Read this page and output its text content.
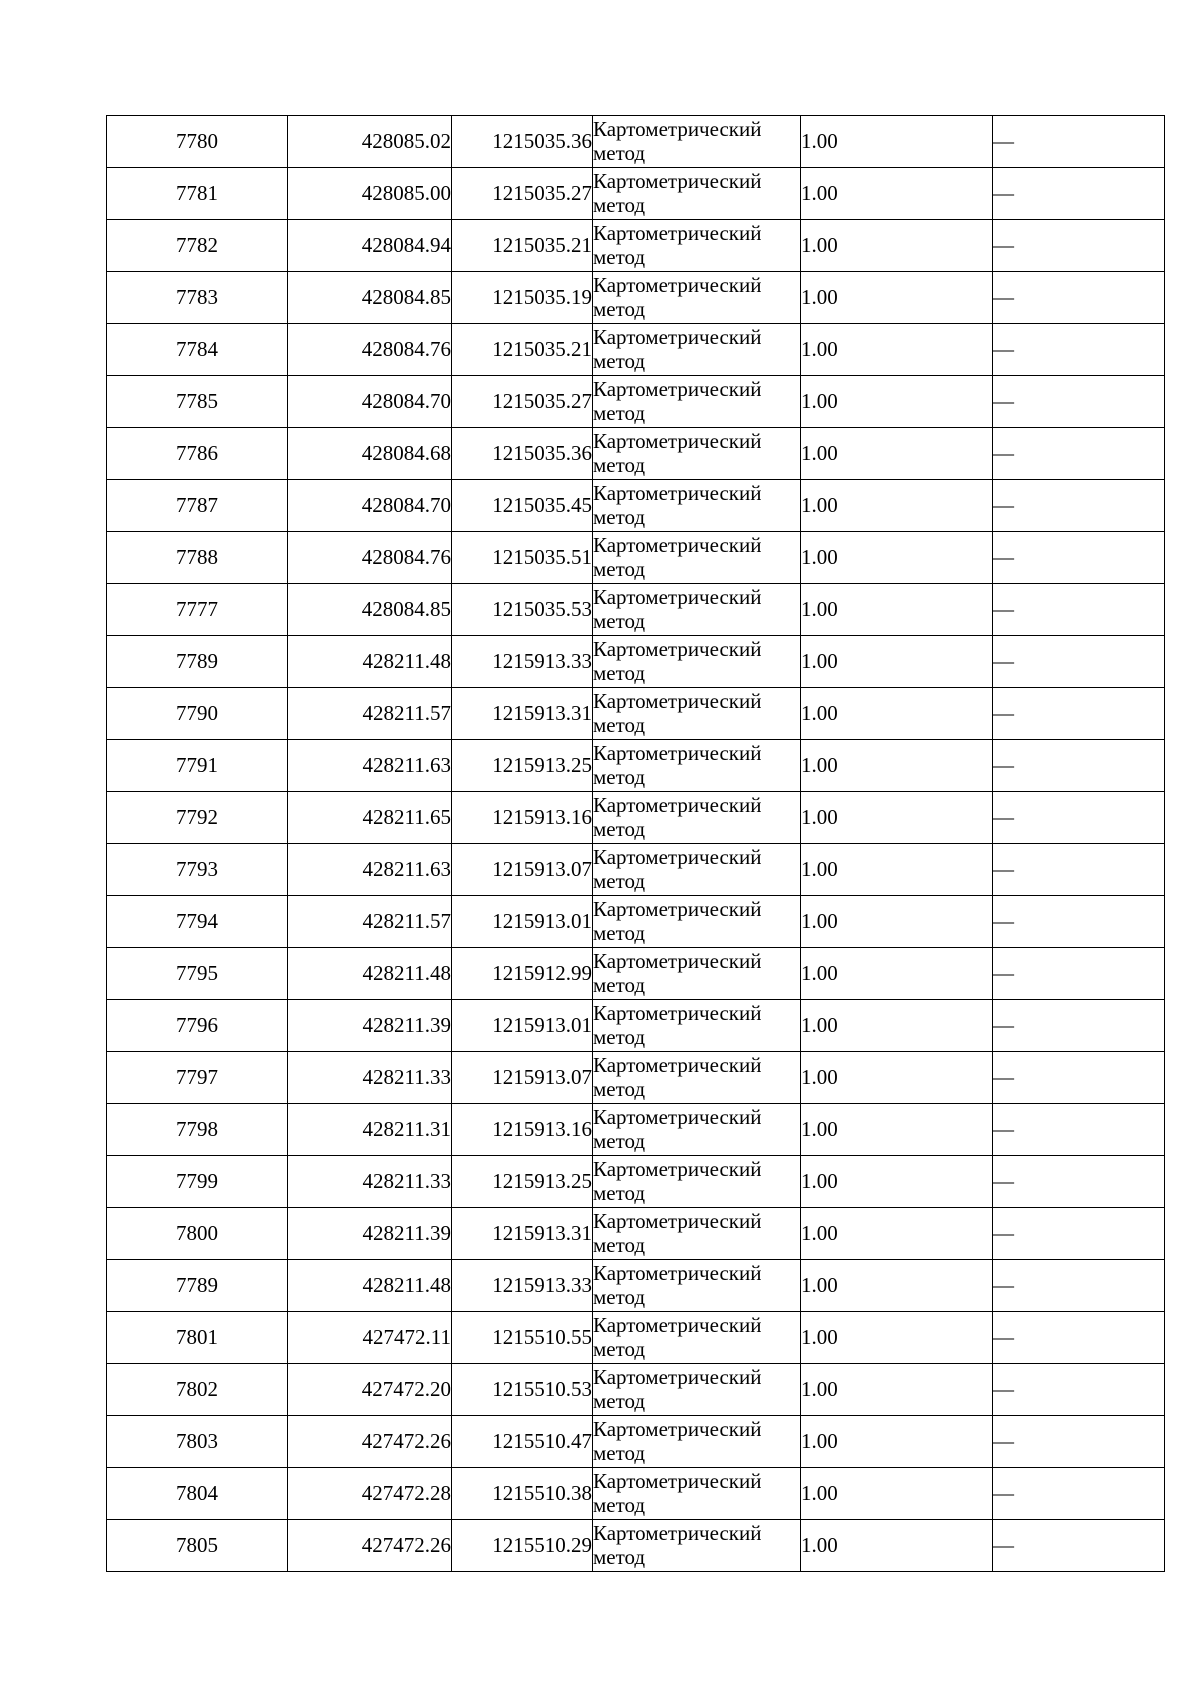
7780	428085.02	1215035.36	Картометрический
метод	1.00	—
7781	428085.00	1215035.27	Картометрический
метод	1.00	—
7782	428084.94	1215035.21	Картометрический
метод	1.00	—
7783	428084.85	1215035.19	Картометрический
метод	1.00	—
7784	428084.76	1215035.21	Картометрический
метод	1.00	—
7785	428084.70	1215035.27	Картометрический
метод	1.00	—
7786	428084.68	1215035.36	Картометрический
метод	1.00	—
7787	428084.70	1215035.45	Картометрический
метод	1.00	—
7788	428084.76	1215035.51	Картометрический
метод	1.00	—
7777	428084.85	1215035.53	Картометрический
метод	1.00	—
7789	428211.48	1215913.33	Картометрический
метод	1.00	—
7790	428211.57	1215913.31	Картометрический
метод	1.00	—
7791	428211.63	1215913.25	Картометрический
метод	1.00	—
7792	428211.65	1215913.16	Картометрический
метод	1.00	—
7793	428211.63	1215913.07	Картометрический
метод	1.00	—
7794	428211.57	1215913.01	Картометрический
метод	1.00	—
7795	428211.48	1215912.99	Картометрический
метод	1.00	—
7796	428211.39	1215913.01	Картометрический
метод	1.00	—
7797	428211.33	1215913.07	Картометрический
метод	1.00	—
7798	428211.31	1215913.16	Картометрический
метод	1.00	—
7799	428211.33	1215913.25	Картометрический
метод	1.00	—
7800	428211.39	1215913.31	Картометрический
метод	1.00	—
7789	428211.48	1215913.33	Картометрический
метод	1.00	—
7801	427472.11	1215510.55	Картометрический
метод	1.00	—
7802	427472.20	1215510.53	Картометрический
метод	1.00	—
7803	427472.26	1215510.47	Картометрический
метод	1.00	—
7804	427472.28	1215510.38	Картометрический
метод	1.00	—
7805	427472.26	1215510.29	Картометрический
метод	1.00	—
